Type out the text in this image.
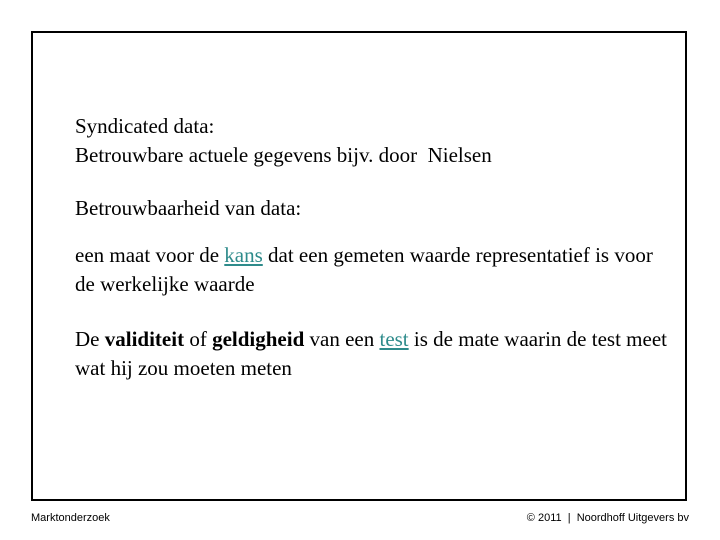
Syndicated data:

Betrouwbare actuele gegevens bijv. door  Nielsen

Betrouwbaarheid van data:

een maat voor de kans dat een gemeten waarde representatief is voor de werkelijke waarde

De validiteit of geldigheid van een test is de mate waarin de test meet wat hij zou moeten meten

Marktonderzoek	© 2011  |  Noordhoff Uitgevers bv
